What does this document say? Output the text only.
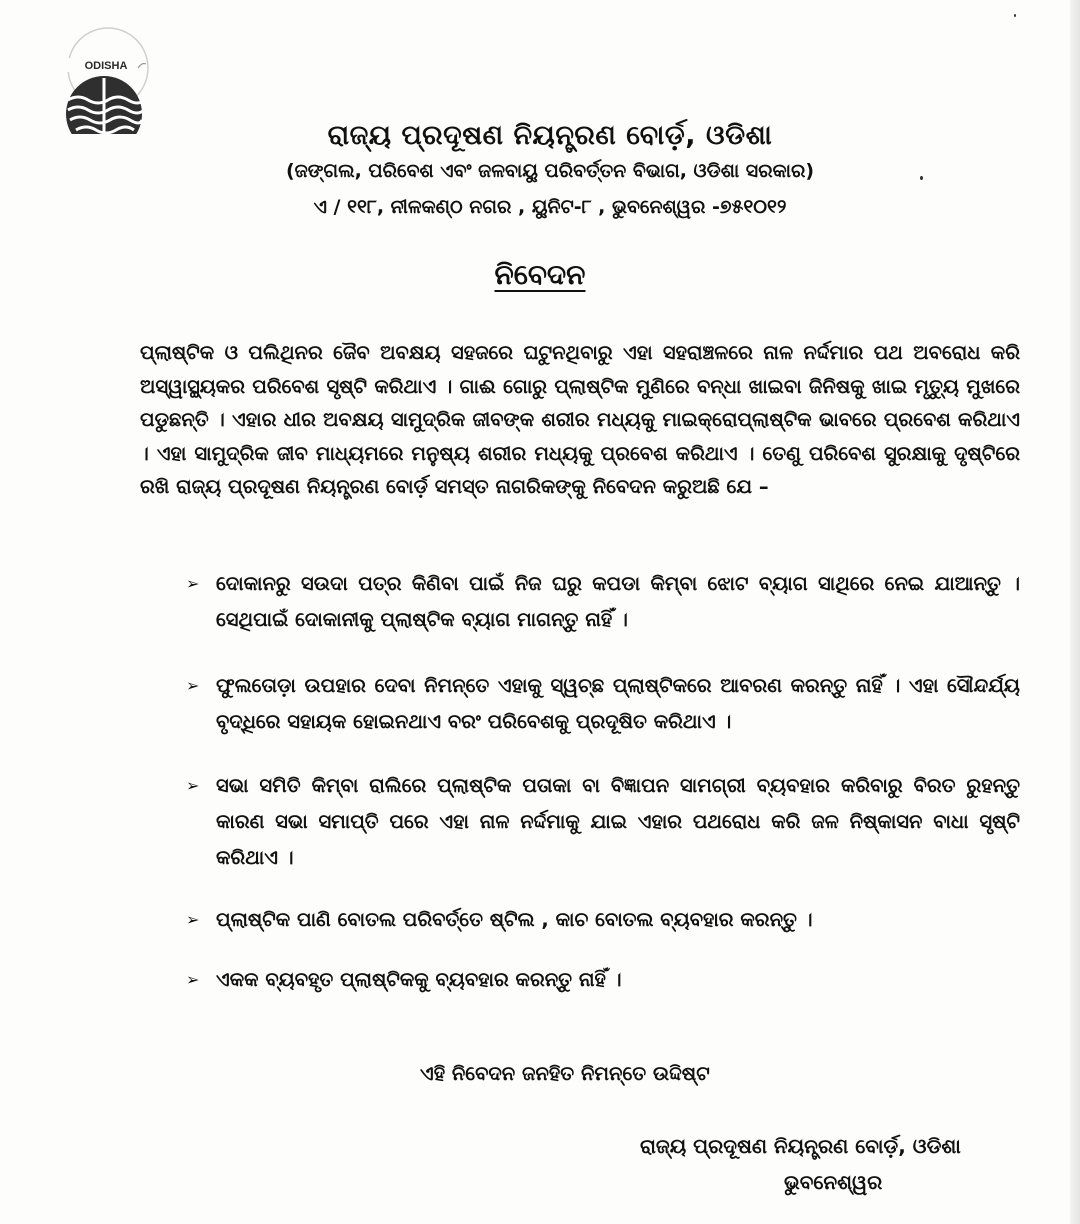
ODISHA
ରାଜ୍ୟ ପ୍ରଦୂଷଣ ନିୟନ୍ତ୍ରଣ ବୋର୍ଡ଼, ଓଡିଶା
(ଜଙ୍ଗଲ, ପରିବେଶ ଏବଂ ଜଳବାୟୁ ପରିବର୍ତ୍ତନ ବିଭାଗ, ଓଡିଶା ସରକାର)
ଏ / ୧୧୮, ନୀଳକଣ୍ଠ ନଗର , ୟୁନିଟ-୮ , ଭୁବନେଶ୍ୱର -୭୫୧୦୧୨
ନିବେଦନ
ପ୍ଲାଷ୍ଟିକ ଓ ପଲିଥିନର ଜୈବ ଅବକ୍ଷୟ ସହଜରେ ଘଟୁନଥିବାରୁ ଏହା ସହରାଞ୍ଚଳରେ ନାଳ ନର୍ଦ୍ଦମାର ପଥ ଅବରୋଧ କରି ଅସ୍ୱାସ୍ଥ୍ୟକର ପରିବେଶ ସୃଷ୍ଟି କରିଥାଏ । ଗାଈ ଗୋରୁ ପ୍ଲାଷ୍ଟିକ ମୁଣିରେ ବନ୍ଧା ଖାଇବା ଜିନିଷକୁ ଖାଇ ମୃତ୍ୟୁ ମୁଖରେ ପଡୁଛନ୍ତି । ଏହାର ଧୀର ଅବକ୍ଷୟ ସାମୁଦ୍ରିକ ଜୀବଙ୍କ ଶରୀର ମଧ୍ୟକୁ ମାଇକ୍ରୋପ୍ଲାଷ୍ଟିକ ଭାବରେ ପ୍ରବେଶ କରିଥାଏ । ଏହା ସାମୁଦ୍ରିକ ଜୀବ ମାଧ୍ୟମରେ ମନୁଷ୍ୟ ଶରୀର ମଧ୍ୟକୁ ପ୍ରବେଶ କରିଥାଏ । ତେଣୁ ପରିବେଶ ସୁରକ୍ଷାକୁ ଦୃଷ୍ଟିରେ ରଖି ରାଜ୍ୟ ପ୍ରଦୂଷଣ ନିୟନ୍ତ୍ରଣ ବୋର୍ଡ଼ ସମସ୍ତ ନାଗରିକଙ୍କୁ ନିବେଦନ କରୁଅଛି ଯେ –
➢ ଦୋକାନରୁ ସଉଦା ପତ୍ର କିଣିବା ପାଇଁ ନିଜ ଘରୁ କପଡା କିମ୍ବା ଝୋଟ ବ୍ୟାଗ ସାଥିରେ ନେଇ ଯାଆନ୍ତୁ । ସେଥିପାଇଁ ଦୋକାନୀକୁ ପ୍ଲାଷ୍ଟିକ ବ୍ୟାଗ ମାଗନ୍ତୁ ନାହିଁ ।
➢ ଫୁଲତୋଡ଼ା ଉପହାର ଦେବା ନିମନ୍ତେ ଏହାକୁ ସ୍ୱଚ୍ଛ ପ୍ଲାଷ୍ଟିକରେ ଆବରଣ କରନ୍ତୁ ନାହିଁ । ଏହା ସୌନ୍ଦର୍ଯ୍ୟ ବୃଦ୍ଧିରେ ସହାୟକ ହୋଇନଥାଏ ବରଂ ପରିବେଶକୁ ପ୍ରଦୂଷିତ କରିଥାଏ ।
➢ ସଭା ସମିତି କିମ୍ବା ରାଲିରେ ପ୍ଲାଷ୍ଟିକ ପତାକା ବା ବିଜ୍ଞାପନ ସାମଗ୍ରୀ ବ୍ୟବହାର କରିବାରୁ ବିରତ ରୁହନ୍ତୁ କାରଣ ସଭା ସମାପ୍ତି ପରେ ଏହା ନାଳ ନର୍ଦ୍ଦମାକୁ ଯାଇ ଏହାର ପଥରୋଧ କରି ଜଳ ନିଷ୍କାସନ ବାଧା ସୃଷ୍ଟି କରିଥାଏ ।
➢ ପ୍ଲାଷ୍ଟିକ ପାଣି ବୋତଲ ପରିବର୍ତ୍ତେ ଷ୍ଟିଲ , କାଚ ବୋତଲ ବ୍ୟବହାର କରନ୍ତୁ ।
➢ ଏକକ ବ୍ୟବହୃତ ପ୍ଲାଷ୍ଟିକକୁ ବ୍ୟବହାର କରନ୍ତୁ ନାହିଁ ।
ଏହି ନିବେଦନ ଜନହିତ ନିମନ୍ତେ ଉଦ୍ଦିଷ୍ଟ
ରାଜ୍ୟ ପ୍ରଦୂଷଣ ନିୟନ୍ତ୍ରଣ ବୋର୍ଡ଼, ଓଡିଶା
ଭୁବନେଶ୍ୱର
